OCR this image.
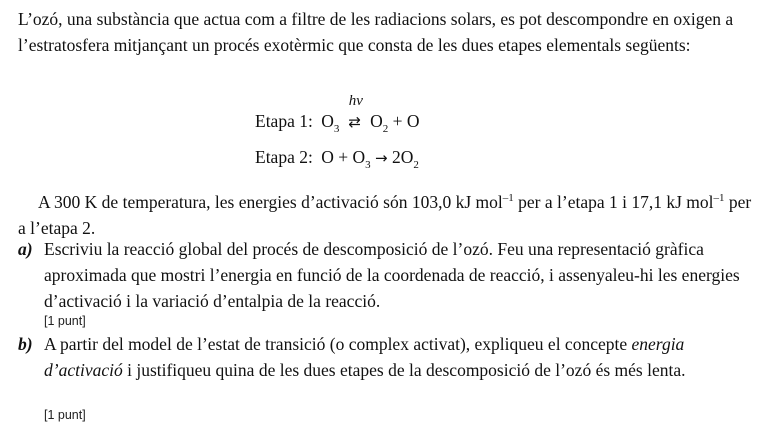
L’ozó, una substància que actua com a filtre de les radiacions solars, es pot descompondre en oxigen a l’estratosfera mitjançant un procés exotèrmic que consta de les dues etapes elementals següents:

Etapa 1: $O_3$
hν
⇄ $O_2 + O$
Etapa 2: $O + O_3 \to 2O_2$

A 300 K de temperatura, les energies d’activació són 103,0 kJ mol$^{-1}$ per a l’etapa 1 i 17,1 kJ mol$^{-1}$ per a l’etapa 2.

a) Escriviu la reacció global del procés de descomposició de l’ozó. Feu una representació gràfica aproximada que mostri l’energia en funció de la coordenada de reacció, i assenyaleu-hi les energies d’activació i la variació d’entalpia de la reacció.

[1 punt]
b) A partir del model de l’estat de transició (o complex activat), expliqueu el concepte energia d’activació i justifiqueu quina de les dues etapes de la descomposició de l’ozó és més lenta.

[1 punt]
